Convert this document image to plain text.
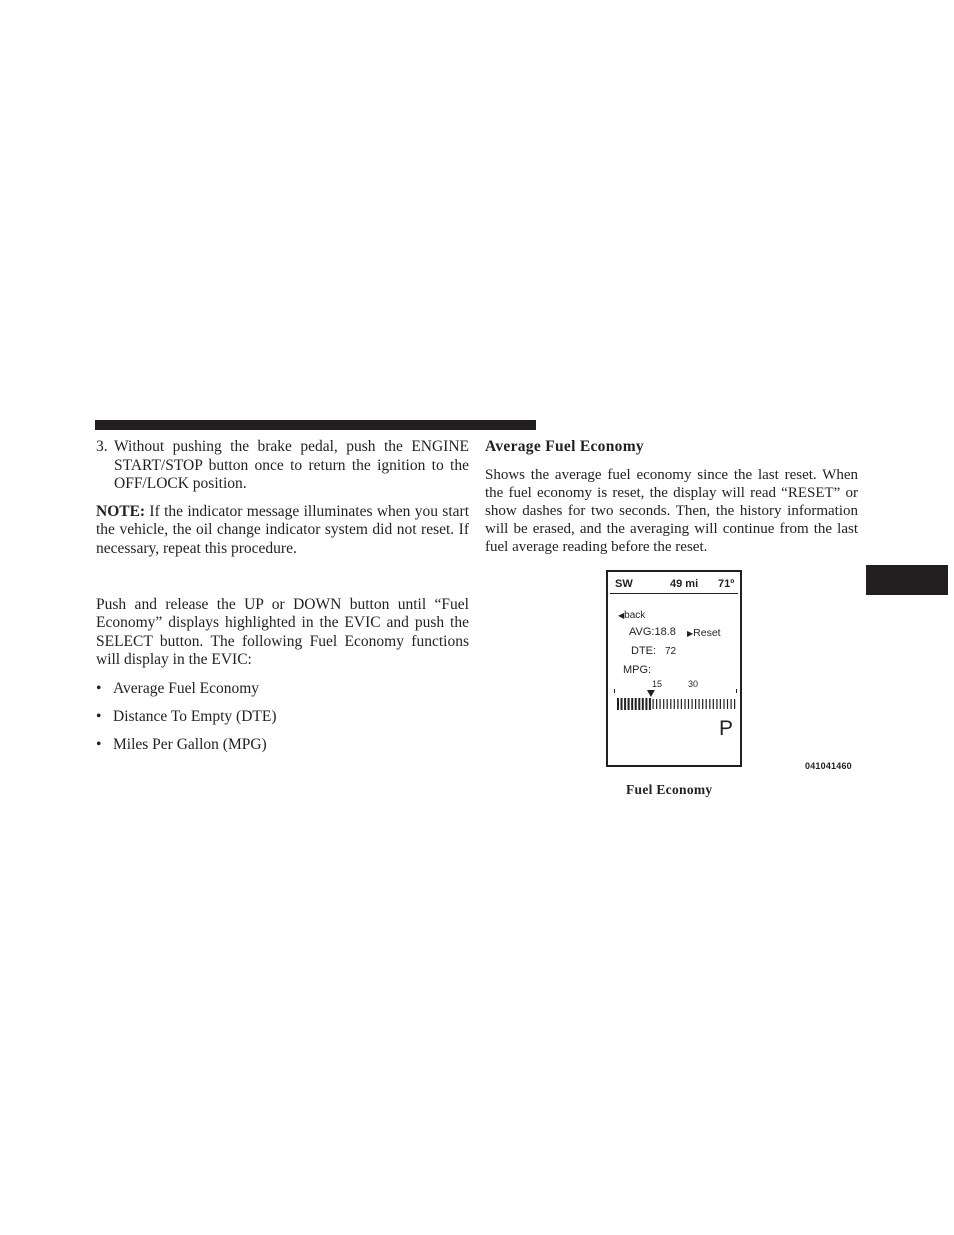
3. Without pushing the brake pedal, push the ENGINE START/STOP button once to return the ignition to the OFF/LOCK position.

NOTE: If the indicator message illuminates when you start the vehicle, the oil change indicator system did not reset. If necessary, repeat this procedure.

Push and release the UP or DOWN button until “Fuel Economy” displays highlighted in the EVIC and push the SELECT button. The following Fuel Economy functions will display in the EVIC:

• Average Fuel Economy
• Distance To Empty (DTE)
• Miles Per Gallon (MPG)
Average Fuel Economy

Shows the average fuel economy since the last reset. When the fuel economy is reset, the display will read “RESET” or show dashes for two seconds. Then, the history information will be erased, and the averaging will continue from the last fuel average reading before the reset.

SW	49 mi 71º
◀back
AVG:18.8 ▶Reset
DTE: 72
MPG:
15	30
P
041041460
Fuel Economy
